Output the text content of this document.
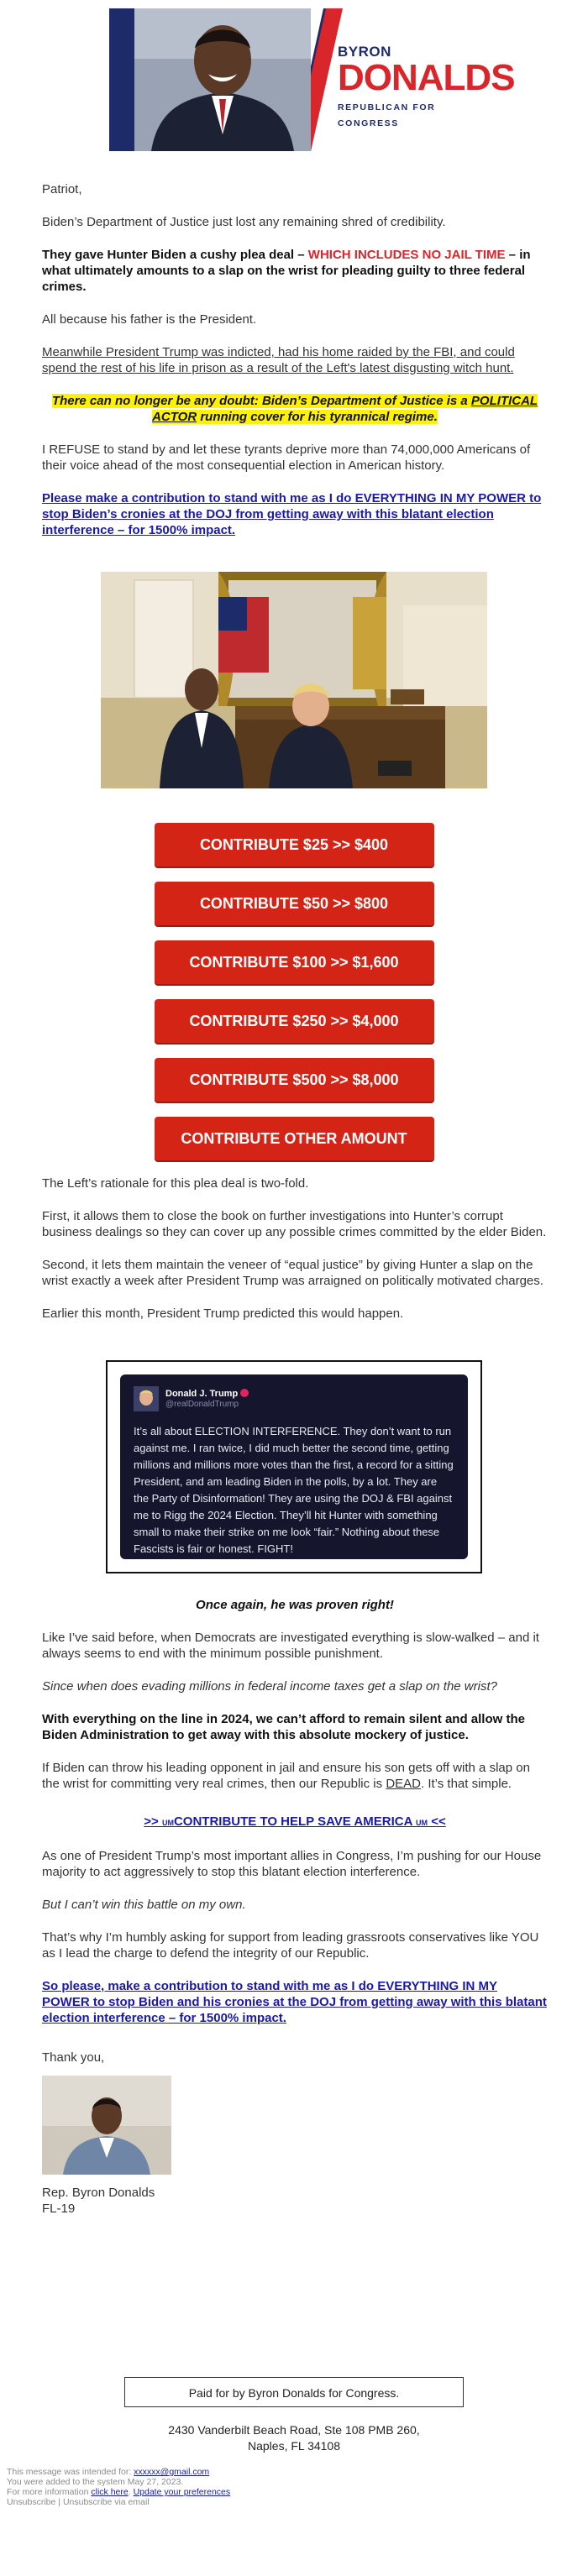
BYRON
DONALDS
REPUBLICAN FOR CONGRESS

Patriot,

Biden’s Department of Justice just lost any remaining shred of credibility.

They gave Hunter Biden a cushy plea deal – WHICH INCLUDES NO JAIL TIME – in what ultimately amounts to a slap on the wrist for pleading guilty to three federal crimes.

All because his father is the President.

Meanwhile President Trump was indicted, had his home raided by the FBI, and could spend the rest of his life in prison as a result of the Left's latest disgusting witch hunt.

There can no longer be any doubt: Biden’s Department of Justice is a POLITICAL ACTOR running cover for his tyrannical regime.

I REFUSE to stand by and let these tyrants deprive more than 74,000,000 Americans of their voice ahead of the most consequential election in American history.

Please make a contribution to stand with me as I do EVERYTHING IN MY POWER to stop Biden’s cronies at the DOJ from getting away with this blatant election interference – for 1500% impact.

CONTRIBUTE $25 >> $400
CONTRIBUTE $50 >> $800
CONTRIBUTE $100 >> $1,600
CONTRIBUTE $250 >> $4,000
CONTRIBUTE $500 >> $8,000
CONTRIBUTE OTHER AMOUNT

The Left’s rationale for this plea deal is two-fold.

First, it allows them to close the book on further investigations into Hunter’s corrupt business dealings so they can cover up any possible crimes committed by the elder Biden.

Second, it lets them maintain the veneer of “equal justice” by giving Hunter a slap on the wrist exactly a week after President Trump was arraigned on politically motivated charges.

Earlier this month, President Trump predicted this would happen.

Donald J. Trump
@realDonaldTrump
It’s all about ELECTION INTERFERENCE. They don’t want to run against me. I ran twice, I did much better the second time, getting millions and millions more votes than the first, a record for a sitting President, and am leading Biden in the polls, by a lot. They are the Party of Disinformation! They are using the DOJ & FBI against me to Rigg the 2024 Election. They’ll hit Hunter with something small to make their strike on me look “fair.” Nothing about these Fascists is fair or honest. FIGHT!

Once again, he was proven right!

Like I’ve said before, when Democrats are investigated everything is slow-walked – and it always seems to end with the minimum possible punishment.

Since when does evading millions in federal income taxes get a slap on the wrist?

With everything on the line in 2024, we can’t afford to remain silent and allow the Biden Administration to get away with this absolute mockery of justice.

If Biden can throw his leading opponent in jail and ensure his son gets off with a slap on the wrist for committing very real crimes, then our Republic is DEAD. It’s that simple.

>> UMCONTRIBUTE TO HELP SAVE AMERICA UM <<

As one of President Trump’s most important allies in Congress, I’m pushing for our House majority to act aggressively to stop this blatant election interference.

But I can’t win this battle on my own.

That’s why I’m humbly asking for support from leading grassroots conservatives like YOU as I lead the charge to defend the integrity of our Republic.

So please, make a contribution to stand with me as I do EVERYTHING IN MY POWER to stop Biden and his cronies at the DOJ from getting away with this blatant election interference – for 1500% impact.

Thank you,

Rep. Byron Donalds

FL-19

Paid for by Byron Donalds for Congress.
2430 Vanderbilt Beach Road, Ste 108 PMB 260,
Naples, FL 34108
This message was intended for: xxxxxx@gmail.com
You were added to the system May 27, 2023.
For more information click here. Update your preferences
Unsubscribe | Unsubscribe via email
